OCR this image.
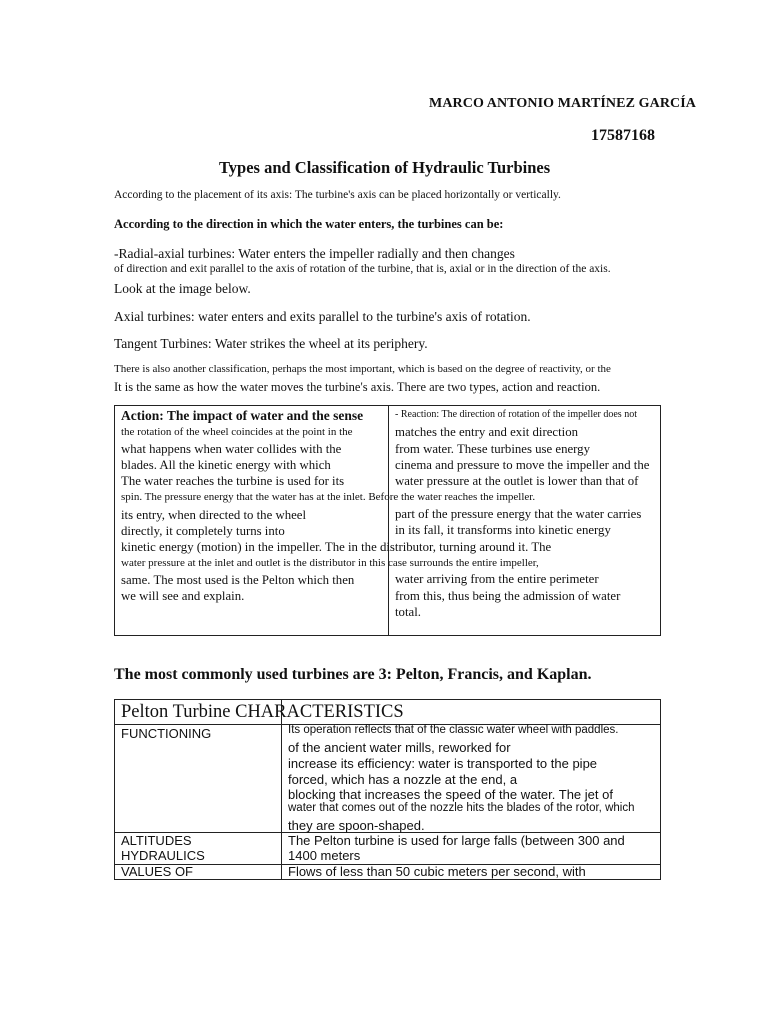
MARCO ANTONIO MARTÍNEZ GARCÍA
17587168
Types and Classification of Hydraulic Turbines
According to the placement of its axis: The turbine's axis can be placed horizontally or vertically.
According to the direction in which the water enters, the turbines can be:
-Radial-axial turbines: Water enters the impeller radially and then changes
of direction and exit parallel to the axis of rotation of the turbine, that is, axial or in the direction of the axis.
Look at the image below.
Axial turbines: water enters and exits parallel to the turbine's axis of rotation.
Tangent Turbines: Water strikes the wheel at its periphery.
There is also another classification, perhaps the most important, which is based on the degree of reactivity, or the
It is the same as how the water moves the turbine's axis. There are two types, action and reaction.
Action: The impact of water and the sense
the rotation of the wheel coincides at the point in the
what happens when water collides with the
blades. All the kinetic energy with which
The water reaches the turbine is used for its
spin. The pressure energy that the water has at the inlet. Before the water reaches the impeller.
its entry, when directed to the wheel
directly, it completely turns into
kinetic energy (motion) in the impeller. The in the distributor, turning around it. The
water pressure at the inlet and outlet is the distributor in this case surrounds the entire impeller,
same. The most used is the Pelton which then
we will see and explain.
- Reaction: The direction of rotation of the impeller does not
matches the entry and exit direction
from water. These turbines use energy
cinema and pressure to move the impeller and the
water pressure at the outlet is lower than that of
part of the pressure energy that the water carries
in its fall, it transforms into kinetic energy
water arriving from the entire perimeter
from this, thus being the admission of water
total.
The most commonly used turbines are 3: Pelton, Francis, and Kaplan.
Pelton Turbine CHARACTERISTICS
FUNCTIONING	Its operation reflects that of the classic water wheel with paddles.
of the ancient water mills, reworked for
increase its efficiency: water is transported to the pipe
forced, which has a nozzle at the end, a
blocking that increases the speed of the water. The jet of
water that comes out of the nozzle hits the blades of the rotor, which
they are spoon-shaped.
ALTITUDES
HYDRAULICS
The Pelton turbine is used for large falls (between 300 and
1400 meters
VALUES OF	Flows of less than 50 cubic meters per second, with
